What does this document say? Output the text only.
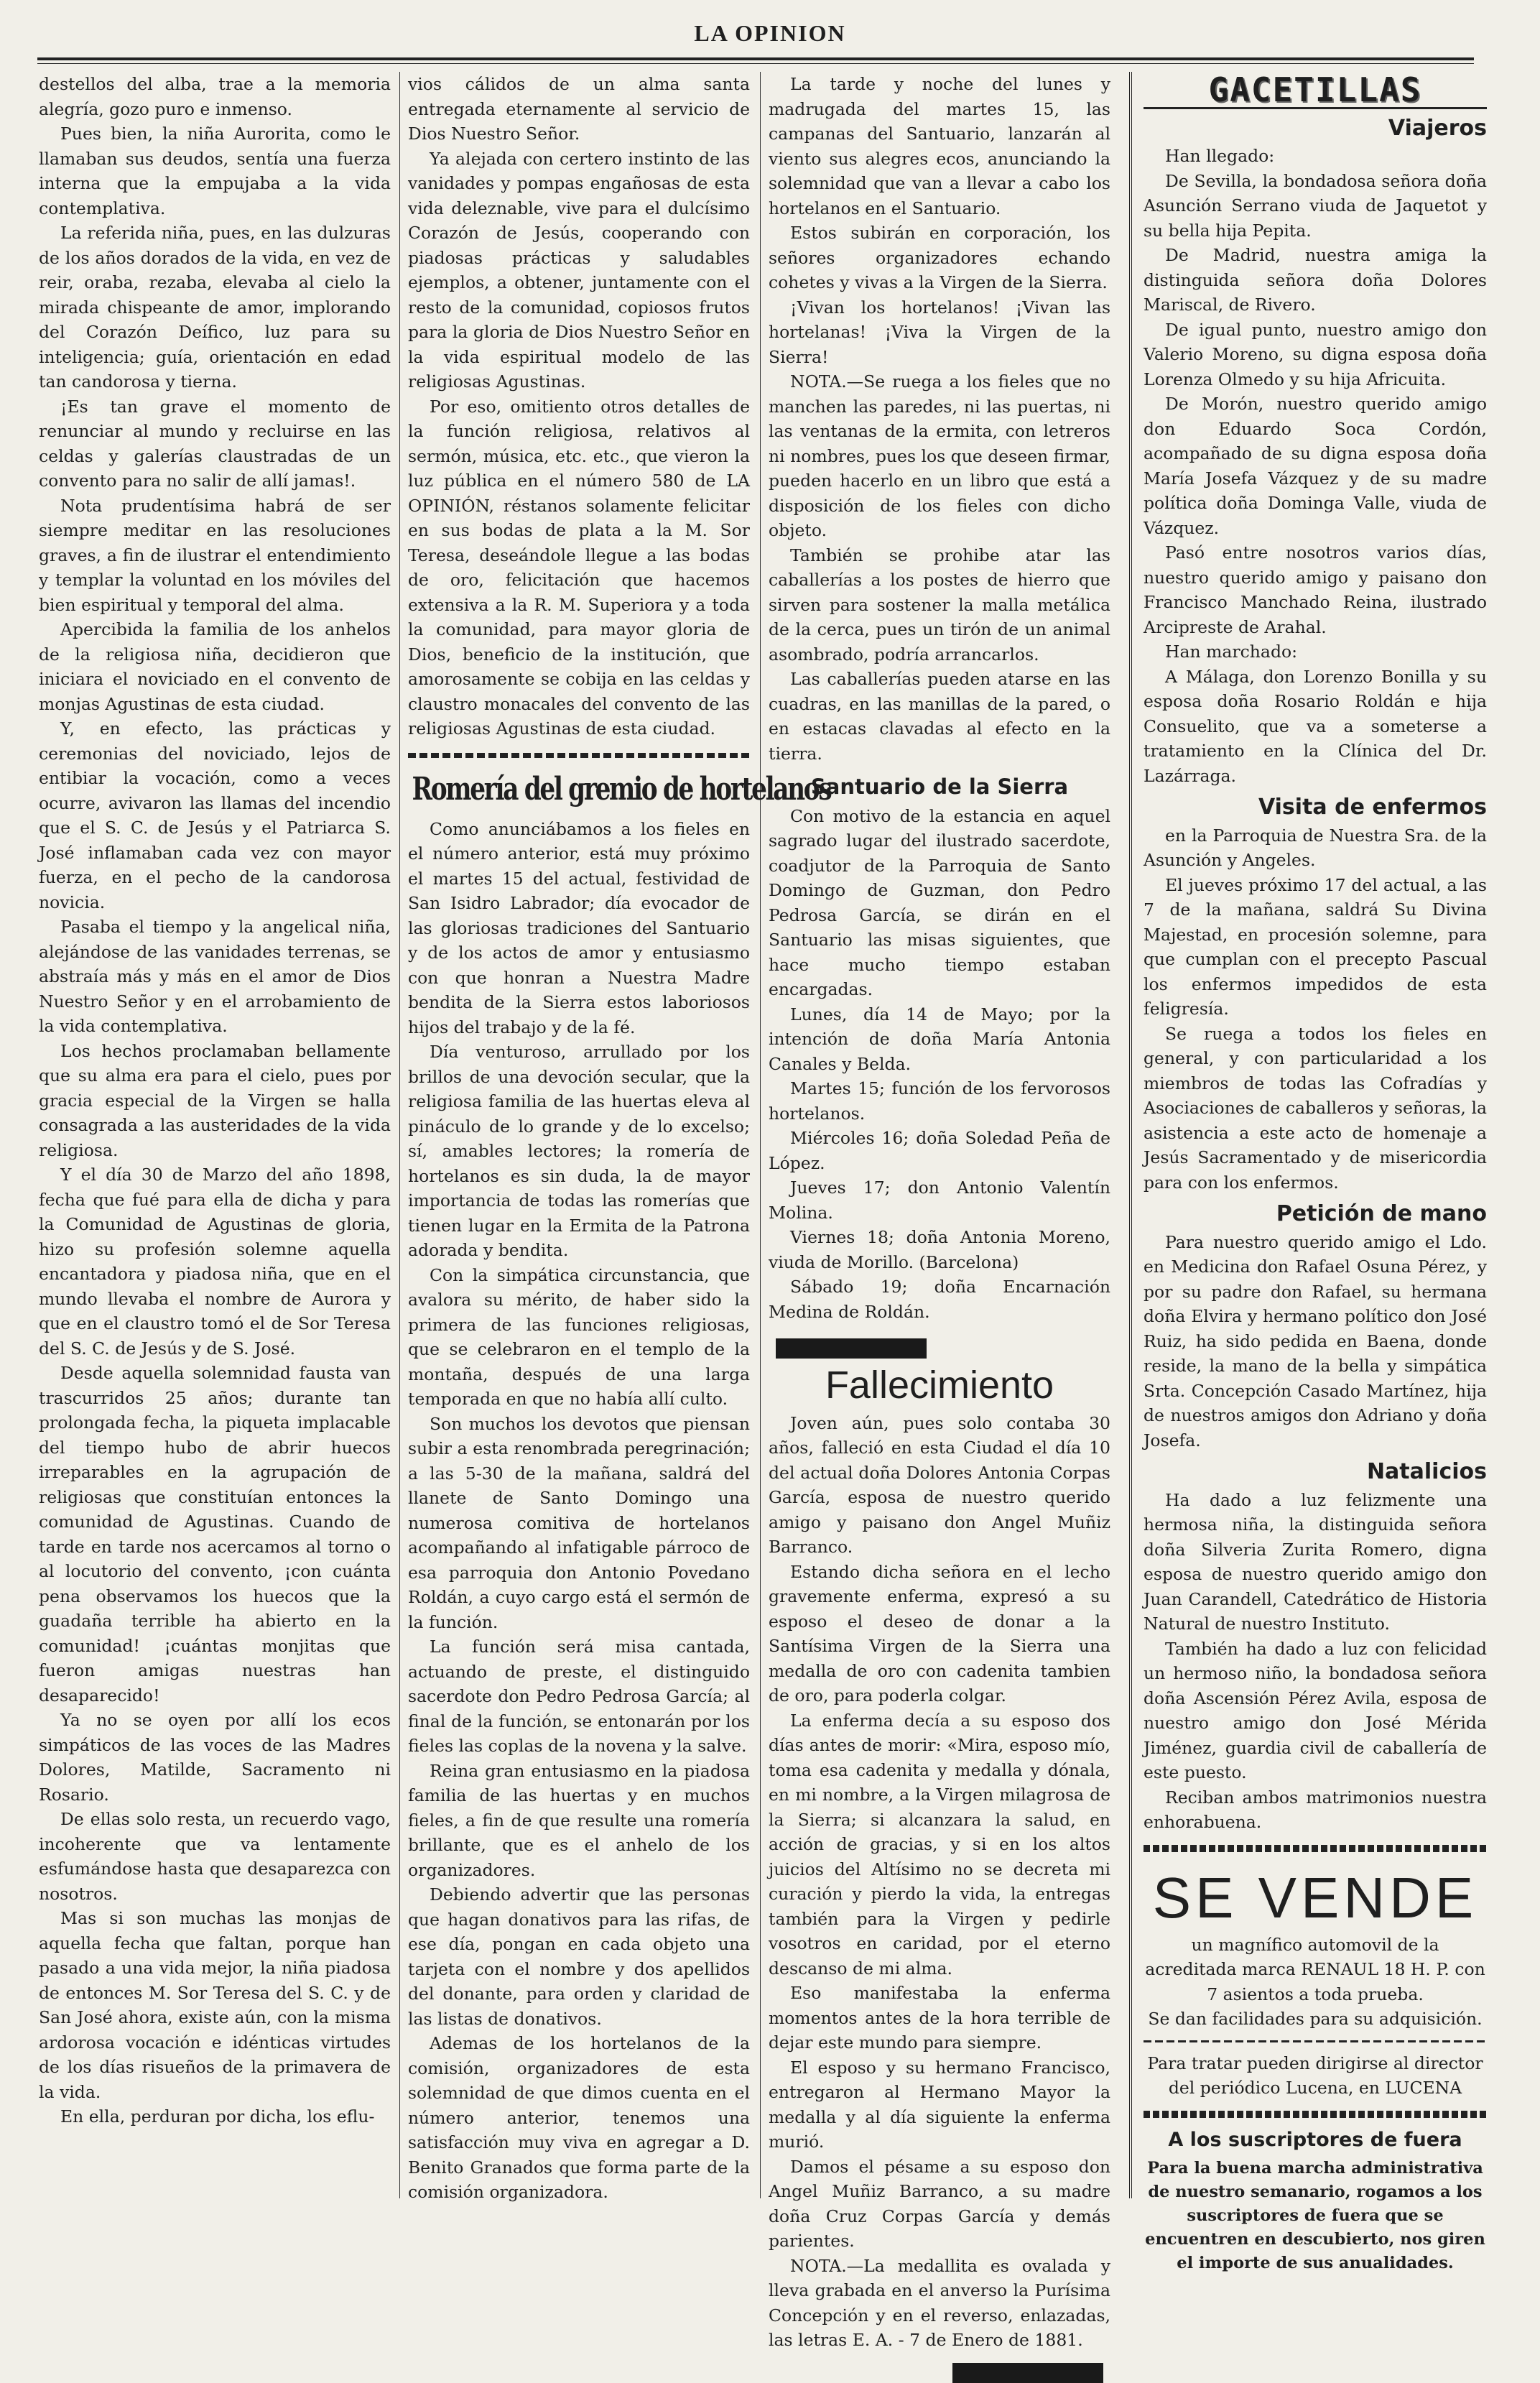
LA OPINION

destellos del alba, trae a la memoria alegría, gozo puro e inmenso.

Pues bien, la niña Aurorita, como le llamaban sus deudos, sentía una fuerza interna que la empujaba a la vida contemplativa.

La referida niña, pues, en las dulzuras de los años dorados de la vida, en vez de reir, oraba, rezaba, elevaba al cielo la mirada chispeante de amor, implorando del Corazón Deífico, luz para su inteligencia; guía, orientación en edad tan candorosa y tierna.

¡Es tan grave el momento de renunciar al mundo y recluirse en las celdas y galerías claustradas de un convento para no salir de allí jamas!.

Nota prudentísima habrá de ser siempre meditar en las resoluciones graves, a fin de ilustrar el entendimiento y templar la voluntad en los móviles del bien espiritual y temporal del alma.

Apercibida la familia de los anhelos de la religiosa niña, decidieron que iniciara el noviciado en el convento de monjas Agustinas de esta ciudad.

Y, en efecto, las prácticas y ceremonias del noviciado, lejos de entibiar la vocación, como a veces ocurre, avivaron las llamas del incendio que el S. C. de Jesús y el Patriarca S. José inflamaban cada vez con mayor fuerza, en el pecho de la candorosa novicia.

Pasaba el tiempo y la angelical niña, alejándose de las vanidades terrenas, se abstraía más y más en el amor de Dios Nuestro Señor y en el arrobamiento de la vida contemplativa.

Los hechos proclamaban bellamente que su alma era para el cielo, pues por gracia especial de la Virgen se halla consagrada a las austeridades de la vida religiosa.

Y el día 30 de Marzo del año 1898, fecha que fué para ella de dicha y para la Comunidad de Agustinas de gloria, hizo su profesión solemne aquella encantadora y piadosa niña, que en el mundo llevaba el nombre de Aurora y que en el claustro tomó el de Sor Teresa del S. C. de Jesús y de S. José.

Desde aquella solemnidad fausta van trascurridos 25 años; durante tan prolongada fecha, la piqueta implacable del tiempo hubo de abrir huecos irreparables en la agrupación de religiosas que constituían entonces la comunidad de Agustinas. Cuando de tarde en tarde nos acercamos al torno o al locutorio del convento, ¡con cuánta pena observamos los huecos que la guadaña terrible ha abierto en la comunidad! ¡cuántas monjitas que fueron amigas nuestras han desaparecido!

Ya no se oyen por allí los ecos simpáticos de las voces de las Madres Dolores, Matilde, Sacramento ni Rosario.

De ellas solo resta, un recuerdo vago, incoherente que va lentamente esfumándose hasta que desaparezca con nosotros.

Mas si son muchas las monjas de aquella fecha que faltan, porque han pasado a una vida mejor, la niña piadosa de entonces M. Sor Teresa del S. C. y de San José ahora, existe aún, con la misma ardorosa vocación e idénticas virtudes de los días risueños de la primavera de la vida.

En ella, perduran por dicha, los eflu-

vios cálidos de un alma santa entregada eternamente al servicio de Dios Nuestro Señor.

Ya alejada con certero instinto de las vanidades y pompas engañosas de esta vida deleznable, vive para el dulcísimo Corazón de Jesús, cooperando con piadosas prácticas y saludables ejemplos, a obtener, juntamente con el resto de la comunidad, copiosos frutos para la gloria de Dios Nuestro Señor en la vida espiritual modelo de las religiosas Agustinas.

Por eso, omitiento otros detalles de la función religiosa, relativos al sermón, música, etc. etc., que vieron la luz pública en el número 580 de LA OPINIÓN, réstanos solamente felicitar en sus bodas de plata a la M. Sor Teresa, deseándole llegue a las bodas de oro, felicitación que hacemos extensiva a la R. M. Superiora y a toda la comunidad, para mayor gloria de Dios, beneficio de la institución, que amorosamente se cobija en las celdas y claustro monacales del convento de las religiosas Agustinas de esta ciudad.

Romería del gremio de hortelanos

Como anunciábamos a los fieles en el número anterior, está muy próximo el martes 15 del actual, festividad de San Isidro Labrador; día evocador de las gloriosas tradiciones del Santuario y de los actos de amor y entusiasmo con que honran a Nuestra Madre bendita de la Sierra estos laboriosos hijos del trabajo y de la fé.

Día venturoso, arrullado por los brillos de una devoción secular, que la religiosa familia de las huertas eleva al pináculo de lo grande y de lo excelso; sí, amables lectores; la romería de hortelanos es sin duda, la de mayor importancia de todas las romerías que tienen lugar en la Ermita de la Patrona adorada y bendita.

Con la simpática circunstancia, que avalora su mérito, de haber sido la primera de las funciones religiosas, que se celebraron en el templo de la montaña, después de una larga temporada en que no había allí culto.

Son muchos los devotos que piensan subir a esta renombrada peregrinación; a las 5-30 de la mañana, saldrá del llanete de Santo Domingo una numerosa comitiva de hortelanos acompañando al infatigable párroco de esa parroquia don Antonio Povedano Roldán, a cuyo cargo está el sermón de la función.

La función será misa cantada, actuando de preste, el distinguido sacerdote don Pedro Pedrosa García; al final de la función, se entonarán por los fieles las coplas de la novena y la salve.

Reina gran entusiasmo en la piadosa familia de las huertas y en muchos fieles, a fin de que resulte una romería brillante, que es el anhelo de los organizadores.

Debiendo advertir que las personas que hagan donativos para las rifas, de ese día, pongan en cada objeto una tarjeta con el nombre y dos apellidos del donante, para orden y claridad de las listas de donativos.

Ademas de los hortelanos de la comisión, organizadores de esta solemnidad de que dimos cuenta en el número anterior, tenemos una satisfacción muy viva en agregar a D. Benito Granados que forma parte de la comisión organizadora.

La tarde y noche del lunes y madrugada del martes 15, las campanas del Santuario, lanzarán al viento sus alegres ecos, anunciando la solemnidad que van a llevar a cabo los hortelanos en el Santuario.

Estos subirán en corporación, los señores organizadores echando cohetes y vivas a la Virgen de la Sierra.

¡Vivan los hortelanos! ¡Vivan las hortelanas! ¡Viva la Virgen de la Sierra!

NOTA.—Se ruega a los fieles que no manchen las paredes, ni las puertas, ni las ventanas de la ermita, con letreros ni nombres, pues los que deseen firmar, pueden hacerlo en un libro que está a disposición de los fieles con dicho objeto.

También se prohibe atar las caballerías a los postes de hierro que sirven para sostener la malla metálica de la cerca, pues un tirón de un animal asombrado, podría arrancarlos.

Las caballerías pueden atarse en las cuadras, en las manillas de la pared, o en estacas clavadas al efecto en la tierra.

Santuario de la Sierra

Con motivo de la estancia en aquel sagrado lugar del ilustrado sacerdote, coadjutor de la Parroquia de Santo Domingo de Guzman, don Pedro Pedrosa García, se dirán en el Santuario las misas siguientes, que hace mucho tiempo estaban encargadas.

Lunes, día 14 de Mayo; por la intención de doña María Antonia Canales y Belda.

Martes 15; función de los fervorosos hortelanos.

Miércoles 16; doña Soledad Peña de López.

Jueves 17; don Antonio Valentín Molina.

Viernes 18; doña Antonia Moreno, viuda de Morillo. (Barcelona)

Sábado 19; doña Encarnación Medina de Roldán.

Fallecimiento

Joven aún, pues solo contaba 30 años, falleció en esta Ciudad el día 10 del actual doña Dolores Antonia Corpas García, esposa de nuestro querido amigo y paisano don Angel Muñiz Barranco.

Estando dicha señora en el lecho gravemente enferma, expresó a su esposo el deseo de donar a la Santísima Virgen de la Sierra una medalla de oro con cadenita tambien de oro, para poderla colgar.

La enferma decía a su esposo dos días antes de morir: «Mira, esposo mío, toma esa cadenita y medalla y dónala, en mi nombre, a la Virgen milagrosa de la Sierra; si alcanzara la salud, en acción de gracias, y si en los altos juicios del Altísimo no se decreta mi curación y pierdo la vida, la entregas también para la Virgen y pedirle vosotros en caridad, por el eterno descanso de mi alma.

Eso manifestaba la enferma momentos antes de la hora terrible de dejar este mundo para siempre.

El esposo y su hermano Francisco, entregaron al Hermano Mayor la medalla y al día siguiente la enferma murió.

Damos el pésame a su esposo don Angel Muñiz Barranco, a su madre doña Cruz Corpas García y demás parientes.

NOTA.—La medallita es ovalada y lleva grabada en el anverso la Purísima Concepción y en el reverso, enlazadas, las letras E. A. - 7 de Enero de 1881.

GACETILLAS
Viajeros

Han llegado:

De Sevilla, la bondadosa señora doña Asunción Serrano viuda de Jaquetot y su bella hija Pepita.

De Madrid, nuestra amiga la distinguida señora doña Dolores Mariscal, de Rivero.

De igual punto, nuestro amigo don Valerio Moreno, su digna esposa doña Lorenza Olmedo y su hija Africuita.

De Morón, nuestro querido amigo don Eduardo Soca Cordón, acompañado de su digna esposa doña María Josefa Vázquez y de su madre política doña Dominga Valle, viuda de Vázquez.

Pasó entre nosotros varios días, nuestro querido amigo y paisano don Francisco Manchado Reina, ilustrado Arcipreste de Arahal.

Han marchado:

A Málaga, don Lorenzo Bonilla y su esposa doña Rosario Roldán e hija Consuelito, que va a someterse a tratamiento en la Clínica del Dr. Lazárraga.

Visita de enfermos

en la Parroquia de Nuestra Sra. de la Asunción y Angeles.

El jueves próximo 17 del actual, a las 7 de la mañana, saldrá Su Divina Majestad, en procesión solemne, para que cumplan con el precepto Pascual los enfermos impedidos de esta feligresía.

Se ruega a todos los fieles en general, y con particularidad a los miembros de todas las Cofradías y Asociaciones de caballeros y señoras, la asistencia a este acto de homenaje a Jesús Sacramentado y de misericordia para con los enfermos.

Petición de mano

Para nuestro querido amigo el Ldo. en Medicina don Rafael Osuna Pérez, y por su padre don Rafael, su hermana doña Elvira y hermano político don José Ruiz, ha sido pedida en Baena, donde reside, la mano de la bella y simpática Srta. Concepción Casado Martínez, hija de nuestros amigos don Adriano y doña Josefa.

Natalicios

Ha dado a luz felizmente una hermosa niña, la distinguida señora doña Silveria Zurita Romero, digna esposa de nuestro querido amigo don Juan Carandell, Catedrático de Historia Natural de nuestro Instituto.

También ha dado a luz con felicidad un hermoso niño, la bondadosa señora doña Ascensión Pérez Avila, esposa de nuestro amigo don José Mérida Jiménez, guardia civil de caballería de este puesto.

Reciban ambos matrimonios nuestra enhorabuena.

SE VENDE

un magnífico automovil de la acreditada marca RENAUL 18 H. P. con 7 asientos a toda prueba.

Se dan facilidades para su adquisición.

Para tratar pueden dirigirse al director del periódico Lucena, en LUCENA

A los suscriptores de fuera
Para la buena marcha administrativa de nuestro semanario, rogamos a los suscriptores de fuera que se encuentren en descubierto, nos giren el importe de sus anualidades.
